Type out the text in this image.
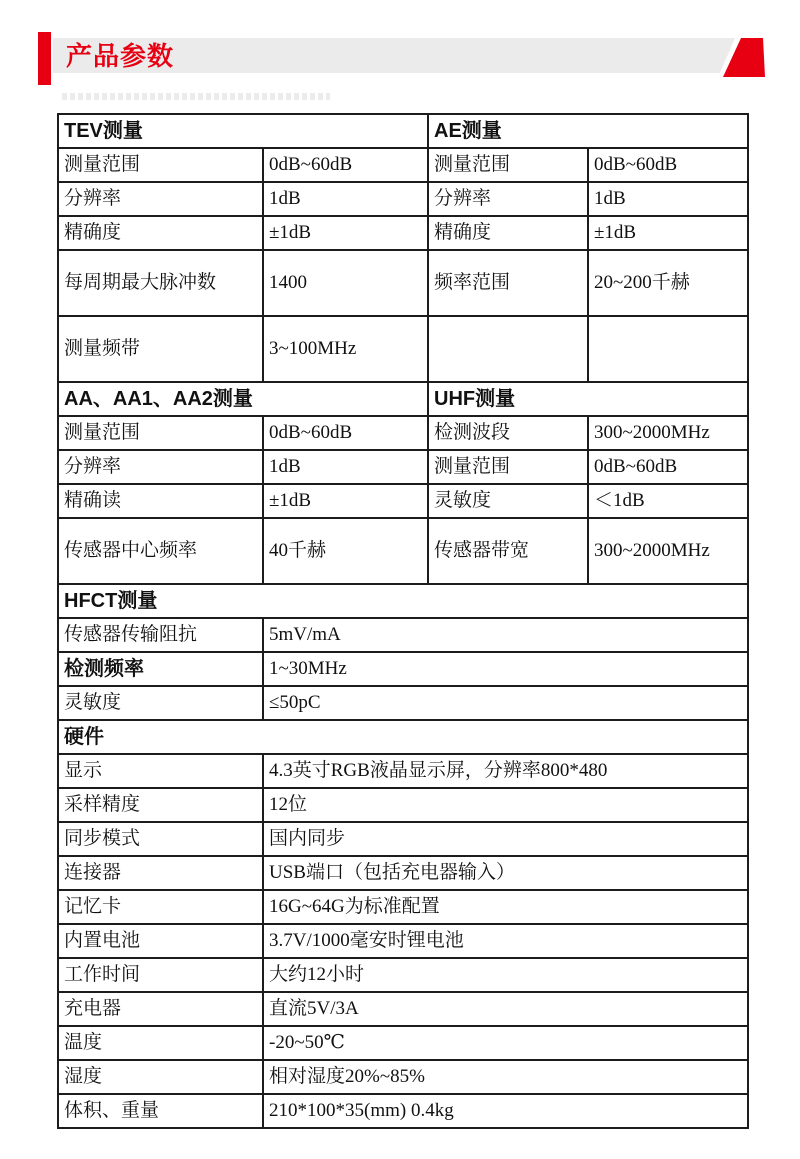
产品参数
TEV测量		AE测量	
测量范围	0dB~60dB	测量范围	0dB~60dB
分辨率	1dB	分辨率	1dB
精确度	±1dB	精确度	±1dB
每周期最大脉冲数	1400	频率范围	20~200千赫
测量频带	3~100MHz		
AA、AA1、AA2测量		UHF测量	
测量范围	0dB~60dB	检测波段	300~2000MHz
分辨率	1dB	测量范围	0dB~60dB
精确读	±1dB	灵敏度	＜1dB
传感器中心频率	40千赫	传感器带宽	300~2000MHz
HFCT测量			
传感器传输阻抗	5mV/mA		
检测频率	1~30MHz		
灵敏度	≤50pC		
硬件			
显示	4.3英寸RGB液晶显示屏，分辨率800*480		
采样精度	12位		
同步模式	国内同步		
连接器	USB端口（包括充电器输入）		
记忆卡	16G~64G为标准配置		
内置电池	3.7V/1000毫安时锂电池		
工作时间	大约12小时		
充电器	直流5V/3A		
温度	-20~50℃		
湿度	相对湿度20%~85%		
体积、重量	210*100*35(mm) 0.4kg		
